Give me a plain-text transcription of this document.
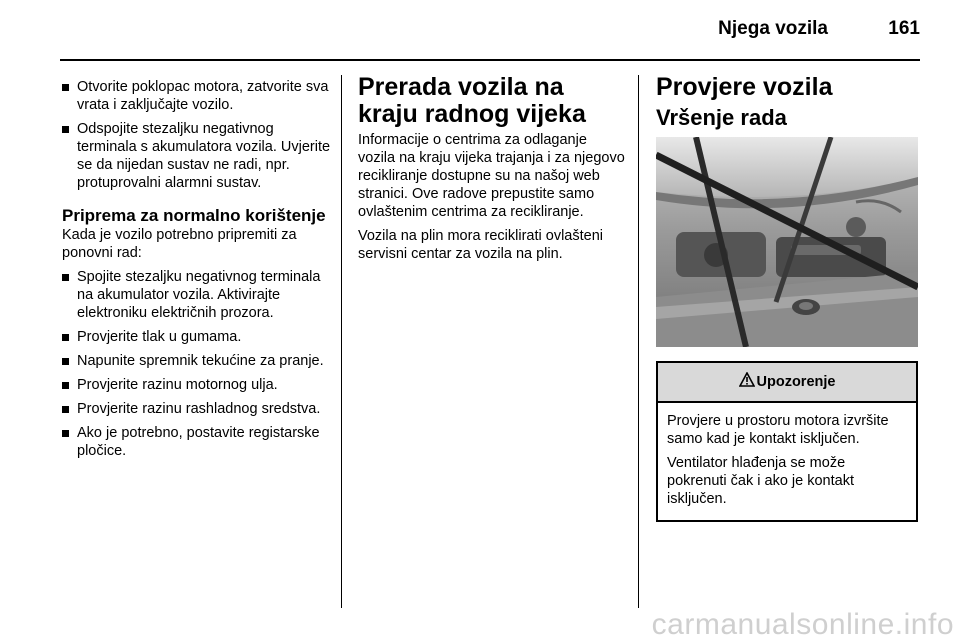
Njega vozila	161
Otvorite poklopac motora, zatvorite sva vrata i zaključajte vozilo.
Odspojite stezaljku negativnog terminala s akumulatora vozila. Uvjerite se da nijedan sustav ne radi, npr. protuprovalni alarmni sustav.
Priprema za normalno korištenje

Kada je vozilo potrebno pripremiti za ponovni rad:

Spojite stezaljku negativnog terminala na akumulator vozila. Aktivirajte elektroniku električnih prozora.
Provjerite tlak u gumama.
Napunite spremnik tekućine za pranje.
Provjerite razinu motornog ulja.
Provjerite razinu rashladnog sredstva.
Ako je potrebno, postavite registarske pločice.
Prerada vozila na kraju radnog vijeka

Informacije o centrima za odlaganje vozila na kraju vijeka trajanja i za njegovo recikliranje dostupne su na našoj web stranici. Ove radove prepustite samo ovlaštenim centrima za recikliranje.

Vozila na plin mora reciklirati ovlašteni servisni centar za vozila na plin.

Provjere vozila
Vršenje rada
Upozorenje

Provjere u prostoru motora izvršite samo kad je kontakt isključen.

Ventilator hlađenja se može pokrenuti čak i ako je kontakt isključen.

carmanualsonline.info
